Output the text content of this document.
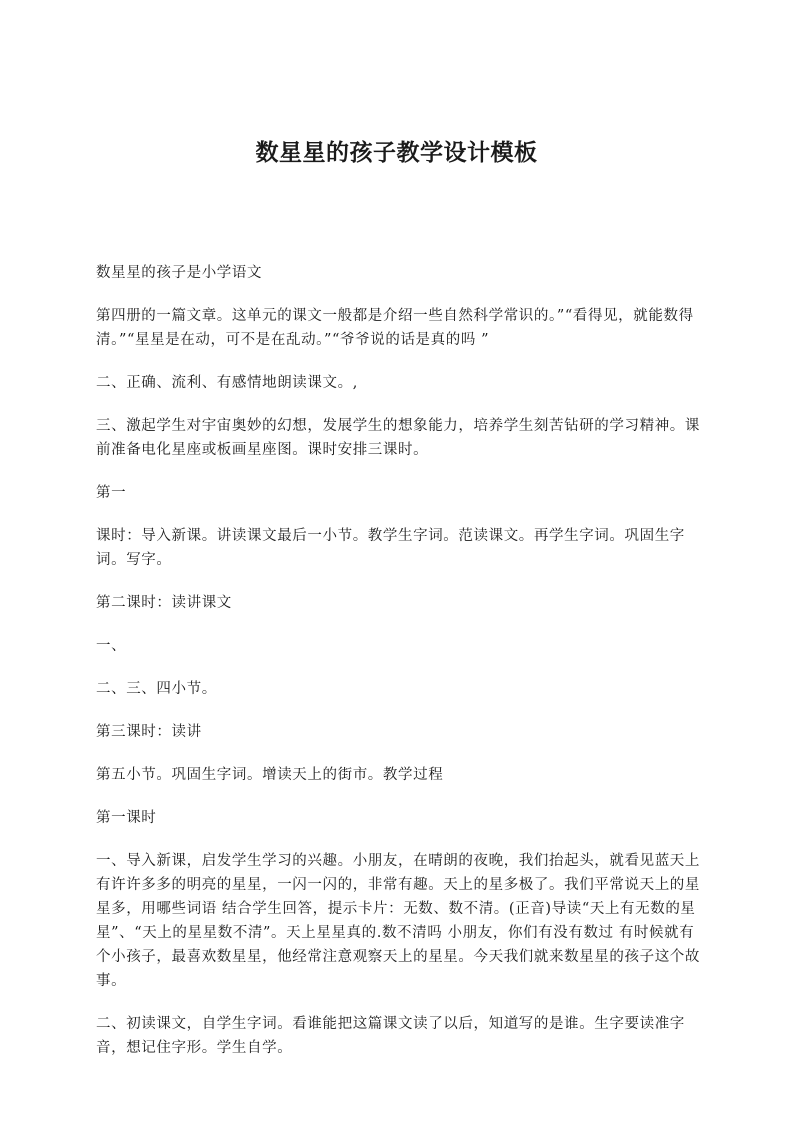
数星星的孩子教学设计模板

数星星的孩子是小学语文

第四册的一篇文章。这单元的课文一般都是介绍一些自然科学常识的。”“看得见，就能数得清。”“星星是在动，可不是在乱动。”“爷爷说的话是真的吗 ”

二、正确、流利、有感情地朗读课文。,

三、激起学生对宇宙奥妙的幻想，发展学生的想象能力，培养学生刻苦钻研的学习精神。课前准备电化星座或板画星座图。课时安排三课时。

第一

课时：导入新课。讲读课文最后一小节。教学生字词。范读课文。再学生字词。巩固生字词。写字。

第二课时：读讲课文

一、

二、三、四小节。

第三课时：读讲

第五小节。巩固生字词。增读天上的街市。教学过程

第一课时

一、导入新课，启发学生学习的兴趣。小朋友，在晴朗的夜晚，我们抬起头，就看见蓝天上有许许多多的明亮的星星，一闪一闪的，非常有趣。天上的星多极了。我们平常说天上的星星多，用哪些词语 结合学生回答，提示卡片：无数、数不清。(正音)导读“天上有无数的星星”、“天上的星星数不清”。天上星星真的.数不清吗 小朋友，你们有没有数过 有时候就有个小孩子，最喜欢数星星，他经常注意观察天上的星星。今天我们就来数星星的孩子这个故事。

二、初读课文，自学生字词。看谁能把这篇课文读了以后，知道写的是谁。生字要读准字音，想记住字形。学生自学。
